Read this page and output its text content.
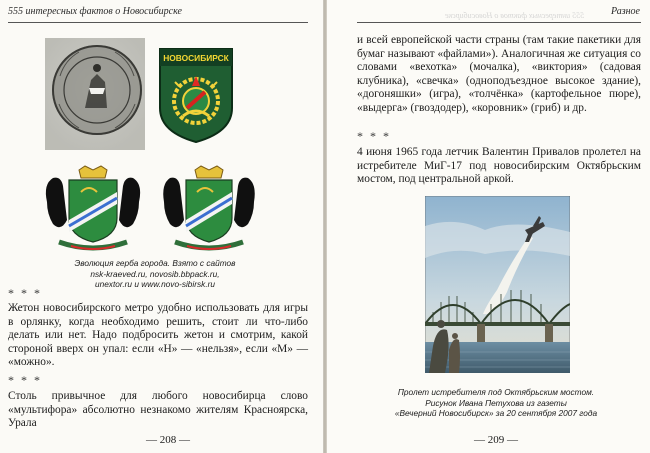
555 интересных фактов о Новосибирске
НОВОСИБИРСК
Эволюция герба города. Взято с сайтов
nsk-kraeved.ru, novosib.bbpack.ru,
unextor.ru и www.novo-sibirsk.ru
* * *

Жетон новосибирского метро удобно использовать для игры в орлянку, когда необходимо решить, стоит ли что-либо делать или нет. Надо подбросить жетон и смотрим, какой стороной вверх он упал: если «Н» — «нельзя», если «М» — «можно».

* * *

Столь привычное для любого новосибирца слово «мультифора» абсолютно незнакомо жителям Красноярска, Урала

— 208 —
555 интересных фактов о Новосибирске	Разное

и всей европейской части страны (там такие пакетики для бумаг называют «файлами»). Аналогичная же ситуация со словами «вехотка» (мочалка), «виктория» (садовая клубника), «свечка» (одноподъездное высокое здание), «догоняшки» (игра), «толчёнка» (картофельное пюре), «выдерга» (гвоздодер), «коровник» (гриб) и др.

* * *

4 июня 1965 года летчик Валентин Привалов пролетел на истребителе МиГ-17 под новосибирским Октябрьским мостом, под центральной аркой.

Пролет истребителя под Октябрьским мостом.
Рисунок Ивана Петухова из газеты
«Вечерний Новосибирск» за 20 сентября 2007 года
— 209 —
